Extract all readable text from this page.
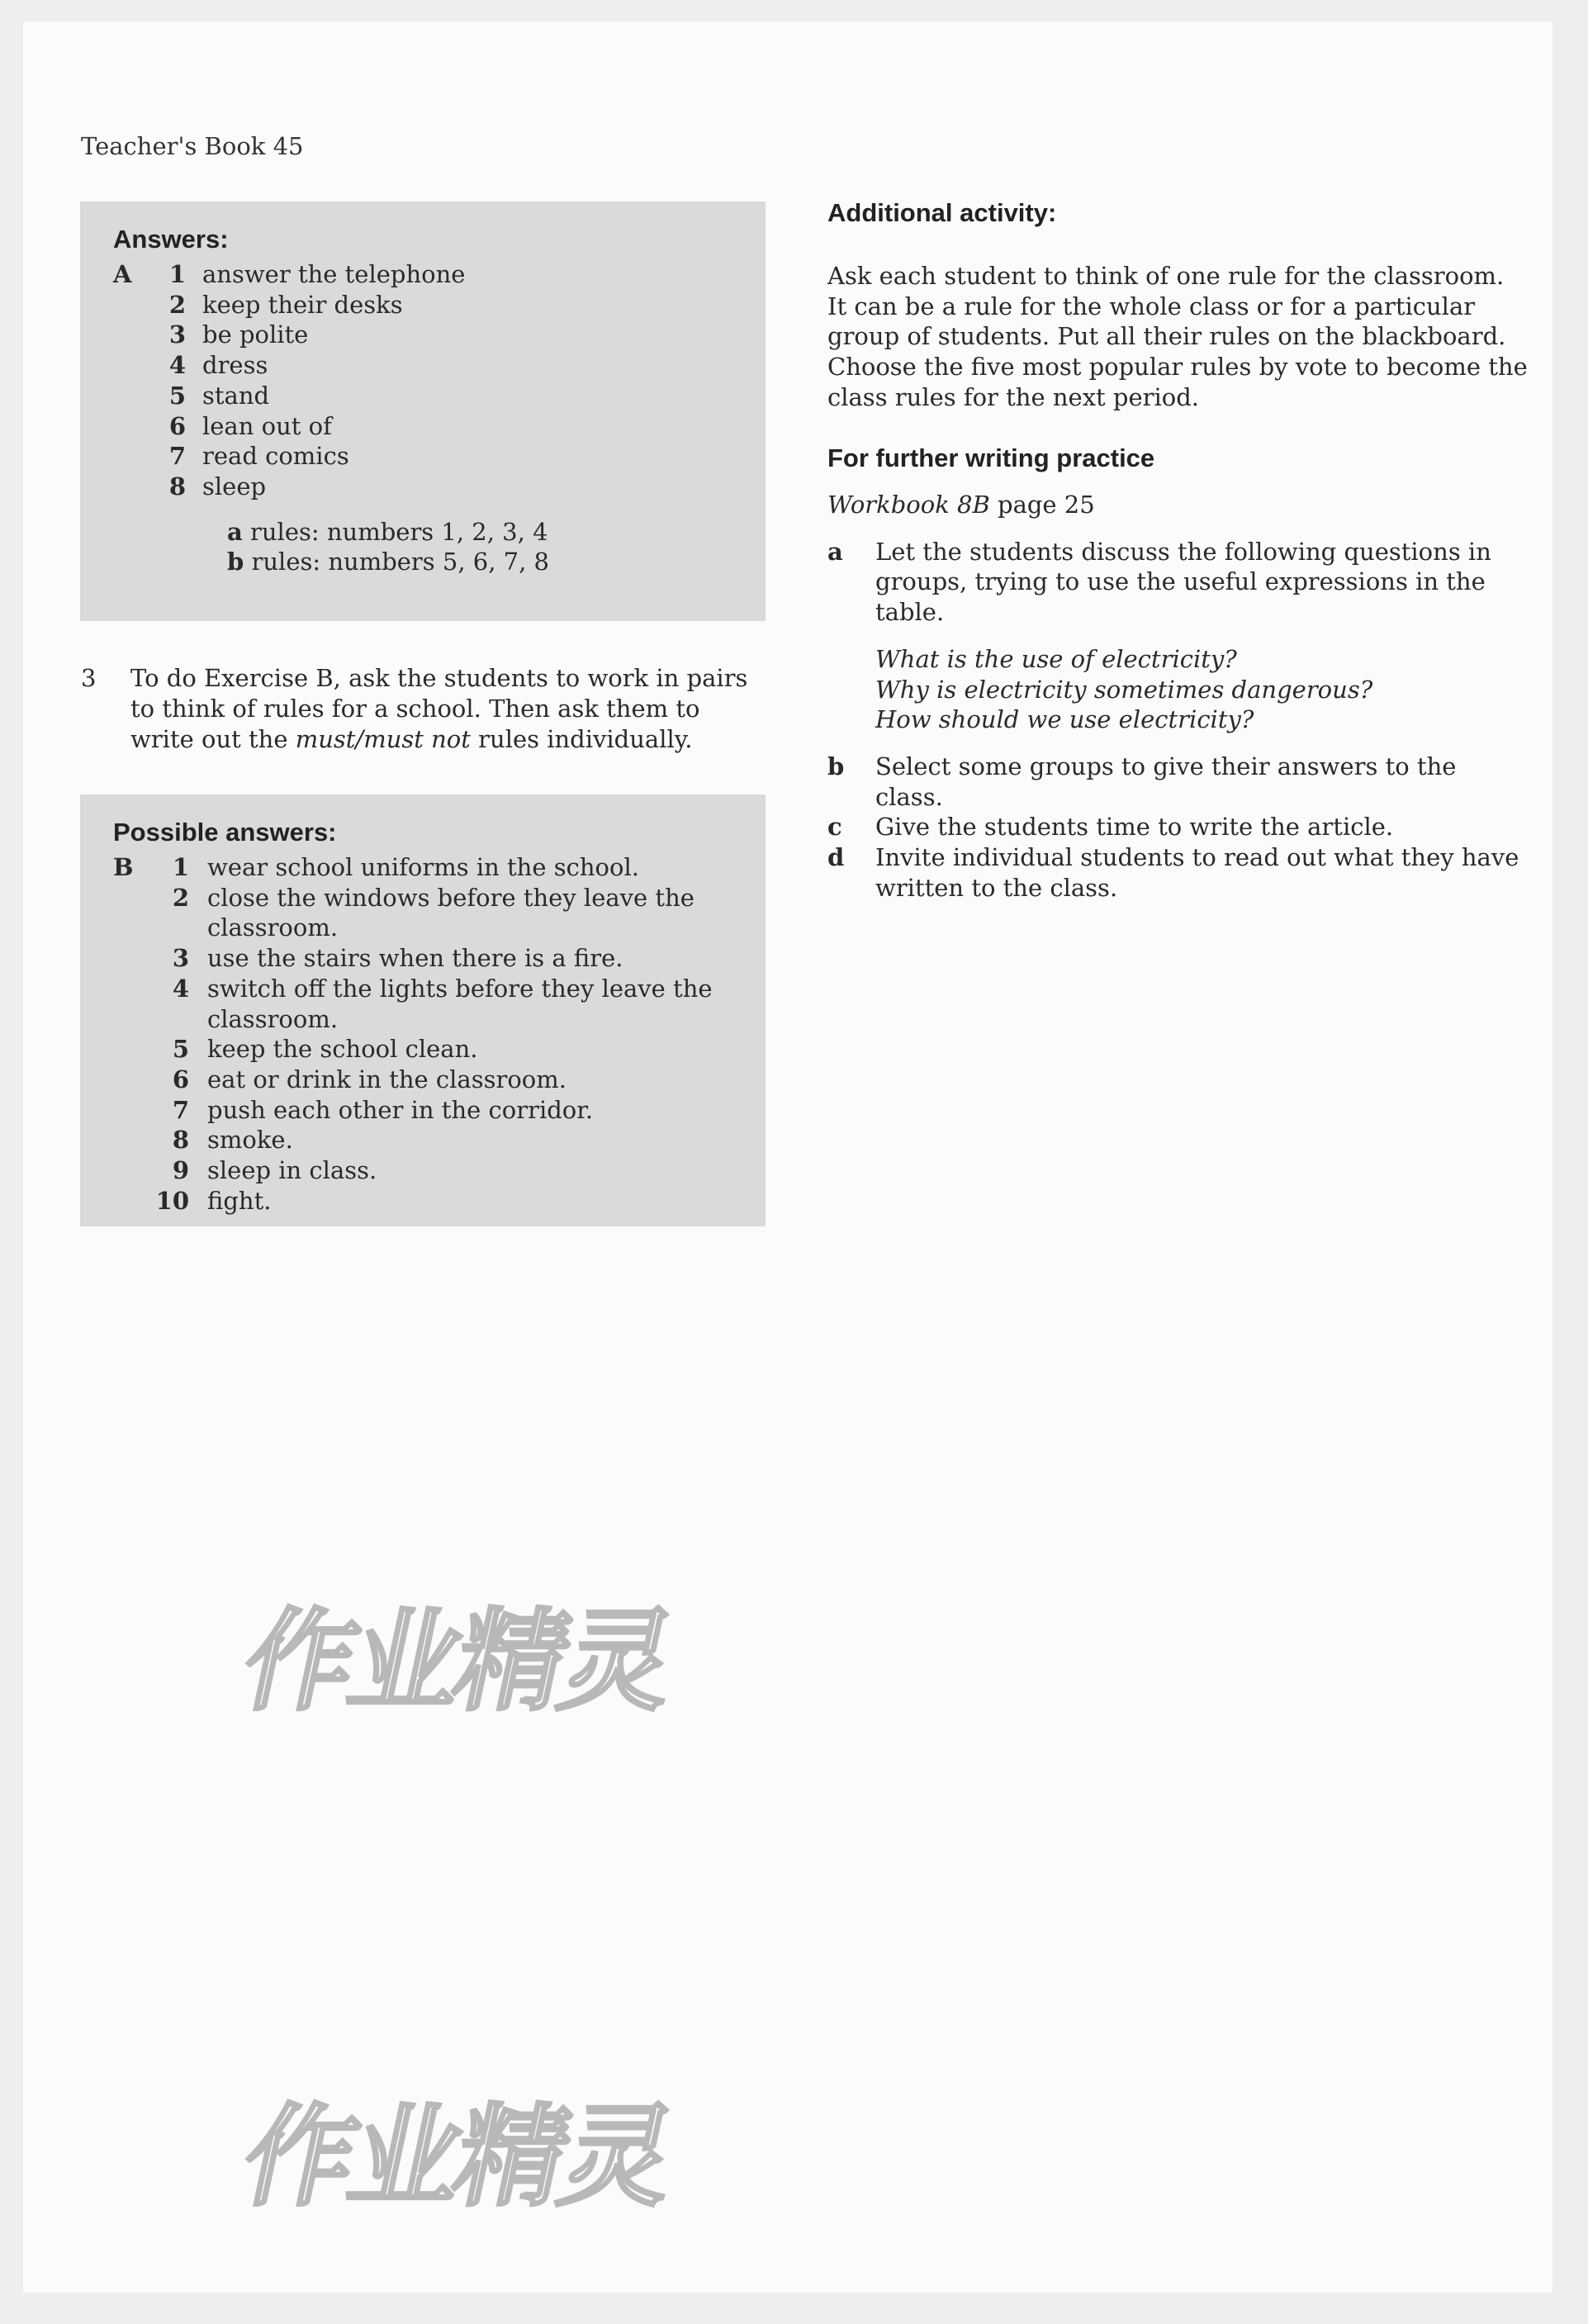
Teacher's Book 45
Answers:
A	1 answer the telephone
2 keep their desks
3 be polite
4 dress
5 stand
6 lean out of
7 read comics
8 sleep
a rules: numbers 1, 2, 3, 4
b rules: numbers 5, 6, 7, 8
3	To do Exercise B, ask the students to work in pairs to think of rules for a school. Then ask them to write out the must/must not rules individually.
Possible answers:
B	1 wear school uniforms in the school.
2 close the windows before they leave the classroom.
3 use the stairs when there is a fire.
4 switch off the lights before they leave the classroom.
5 keep the school clean.
6 eat or drink in the classroom.
7 push each other in the corridor.
8 smoke.
9 sleep in class.
10 fight.
Additional activity:
Ask each student to think of one rule for the classroom. It can be a rule for the whole class or for a particular group of students. Put all their rules on the blackboard. Choose the five most popular rules by vote to become the class rules for the next period.
For further writing practice
Workbook 8B page 25
a	Let the students discuss the following questions in groups, trying to use the useful expressions in the table.
What is the use of electricity?
Why is electricity sometimes dangerous?
How should we use electricity?
b	Select some groups to give their answers to the class.
c	Give the students time to write the article.
d	Invite individual students to read out what they have written to the class.
作业精灵
作业精灵
